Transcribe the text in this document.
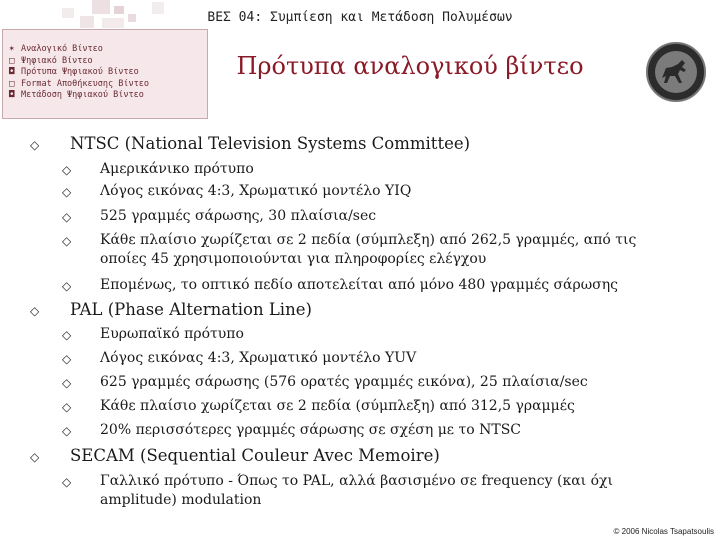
ΒΕΣ 04: Συμπίεση και Μετάδοση Πολυμέσων
✶ Αναλογικό Βίντεο
□ Ψηφιακό Βίντεο
◘ Πρότυπα Ψηφιακού Βίντεο
□ Format Αποθήκευσης Βίντεο
◘ Μετάδοση Ψηφιακού Βίντεο
Πρότυπα αναλογικού βίντεο
◇ NTSC (National Television Systems Committee)
◇ Αμερικάνικο πρότυπο
◇ Λόγος εικόνας 4:3, Χρωματικό μοντέλο YIQ
◇ 525 γραμμές σάρωσης, 30 πλαίσια/sec
◇ Κάθε πλαίσιο χωρίζεται σε 2 πεδία (σύμπλεξη) από 262,5 γραμμές, από τις
οποίες 45 χρησιμοποιούνται για πληροφορίες ελέγχου
◇ Επομένως, το οπτικό πεδίο αποτελείται από μόνο 480 γραμμές σάρωσης
◇ PAL (Phase Alternation Line)
◇ Ευρωπαϊκό πρότυπο
◇ Λόγος εικόνας 4:3, Χρωματικό μοντέλο YUV
◇ 625 γραμμές σάρωσης (576 ορατές γραμμές εικόνα), 25 πλαίσια/sec
◇ Κάθε πλαίσιο χωρίζεται σε 2 πεδία (σύμπλεξη) από 312,5 γραμμές
◇ 20% περισσότερες γραμμές σάρωσης σε σχέση με το NTSC
◇ SECAM (Sequential Couleur Avec Memoire)
◇ Γαλλικό πρότυπο - Όπως το PAL, αλλά βασισμένο σε frequency (και όχι
amplitude) modulation
© 2006 Nicolas Tsapatsoulis
